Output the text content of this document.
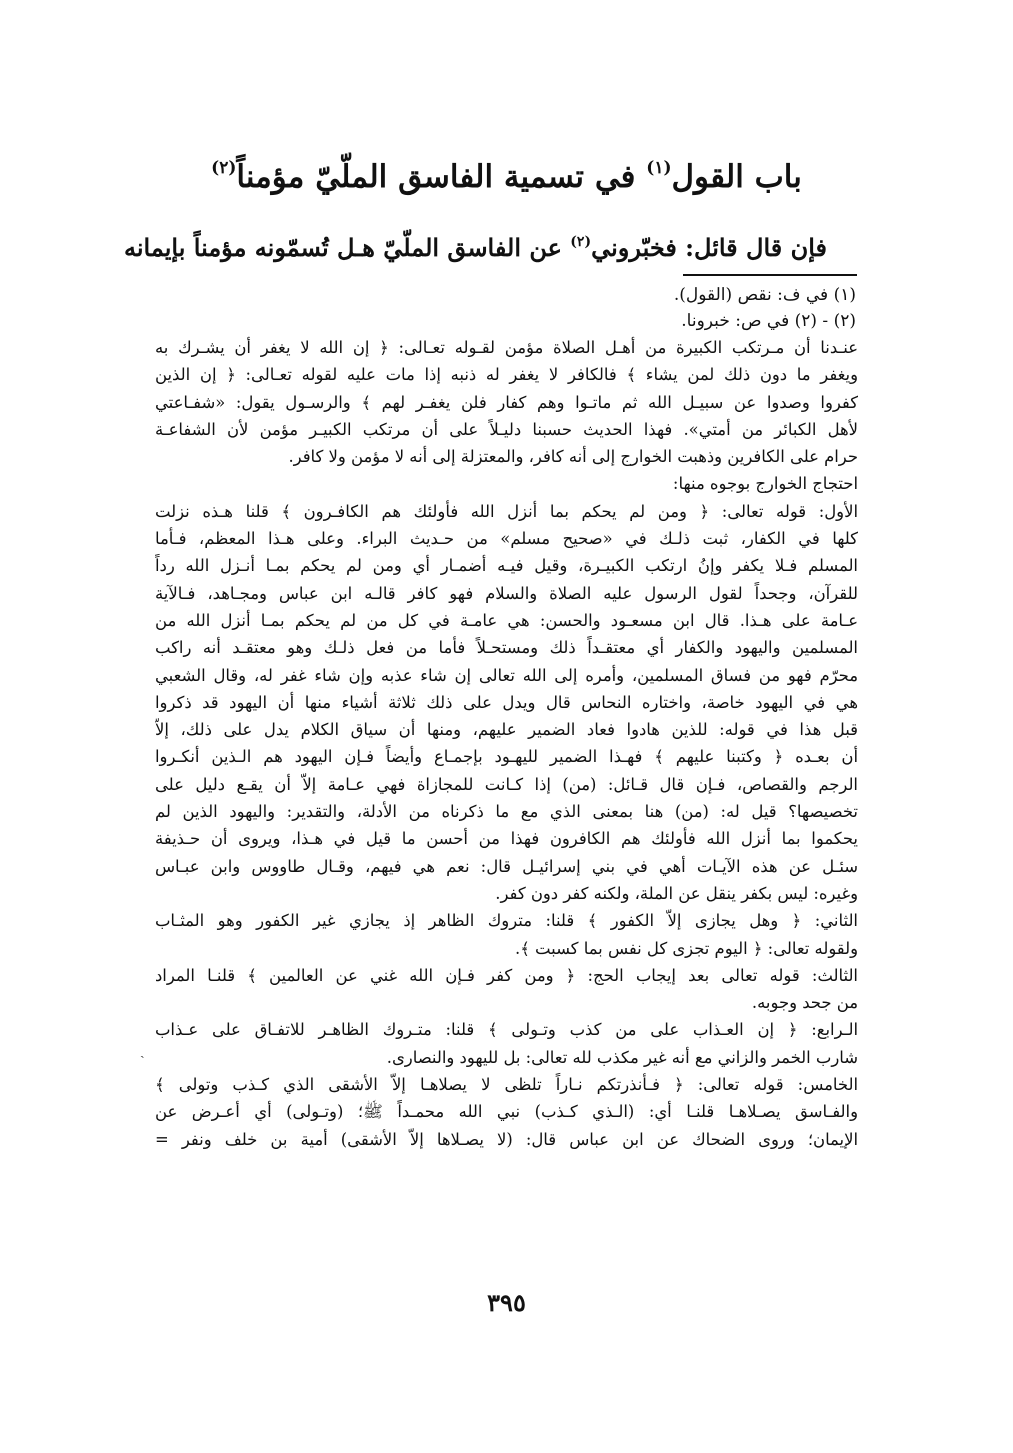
باب القول$^{(١)}$ في تسمية الفاسق الملّيّ مؤمناً$^{(٢)}$
فإن قال قائل: فخبّروني$^{(٢)}$ عن الفاسق الملّيّ هـل تُسمّونه مؤمناً بإيمانه

(١) في ف: نقص (القول).

(٢) - (٢) في ص: خبرونا.

عنـدنا أن مـرتكب الكبيرة من أهـل الصلاة مؤمن لقـوله تعـالى: ﴿ إن الله لا يغفر أن يشـرك به
ويغفر ما دون ذلك لمن يشاء ﴾ فالكافر لا يغفر له ذنبه إذا مات عليه لقوله تعـالى: ﴿ إن الذين
كفروا وصدوا عن سبيـل الله ثم ماتـوا وهم كفار فلن يغفـر لهم ﴾ والرسـول يقول: «شفـاعتي
لأهل الكبائر من أمتي». فهذا الحديث حسبنا دليـلاً على أن مرتكب الكبيـر مؤمن لأن الشفاعـة
حرام على الكافرين وذهبت الخوارج إلى أنه كافر، والمعتزلة إلى أنه لا مؤمن ولا كافر.
احتجاج الخوارج بوجوه منها:
الأول: قوله تعالى: ﴿ ومن لم يحكم بما أنزل الله فأولئك هم الكافـرون ﴾ قلنا هـذه نزلت
كلها في الكفار، ثبت ذلـك في «صحيح مسلم» من حـديث البراء. وعلى هـذا المعظم، فـأما
المسلم فـلا يكفر وإنُ ارتكب الكبيـرة، وقيل فيـه أضمـار أي ومن لم يحكم بمـا أنـزل الله رداً
للقرآن، وجحداً لقول الرسول عليه الصلاة والسلام فهو كافر قالـه ابن عباس ومجـاهد، فـالآية
عـامة على هـذا. قال ابن مسعـود والحسن: هي عامـة في كل من لم يحكم بمـا أنزل الله من
المسلمين واليهود والكفار أي معتقـداً ذلك ومستحـلاً فأما من فعل ذلـك وهو معتقـد أنه راكب
محرّم فهو من فساق المسلمين، وأمره إلى الله تعالى إن شاء عذبه وإن شاء غفر له، وقال الشعبي
هي في اليهود خاصة، واختاره النحاس قال ويدل على ذلك ثلاثة أشياء منها أن اليهود قد ذكروا
قبل هذا في قوله: للذين هادوا فعاد الضمير عليهم، ومنها أن سياق الكلام يدل على ذلك، إلاّ
أن بعـده ﴿ وكتبنا عليهم ﴾ فهـذا الضمير لليهـود بإجمـاع وأيضاً فـإن اليهود هم الـذين أنكـروا
الرجم والقصاص، فـإن قال قـائل: (من) إذا كـانت للمجازاة فهي عـامة إلاّ أن يقـع دليل على
تخصيصها؟ قيل له: (من) هنا بمعنى الذي مع ما ذكرناه من الأدلة، والتقدير: واليهود الذين لم
يحكموا بما أنزل الله فأولئك هم الكافرون فهذا من أحسن ما قيل في هـذا، ويروى أن حـذيفة
سئـل عن هذه الآيـات أهي في بني إسرائيـل قال: نعم هي فيهم، وقـال طاووس وابن عبـاس
وغيره: ليس بكفر ينقل عن الملة، ولكنه كفر دون كفر.
الثاني: ﴿ وهل يجازى إلاّ الكفور ﴾ قلنا: متروك الظاهر إذ يجازي غير الكفور وهو المثـاب
ولقوله تعالى: ﴿ اليوم تجزى كل نفس بما كسبت ﴾.
الثالث: قوله تعالى بعد إيجاب الحج: ﴿ ومن كفر فـإن الله غني عن العالمين ﴾ قلنـا المراد
من جحد وجوبه.
الـرابع: ﴿ إن العـذاب على من كذب وتـولى ﴾ قلنا: متـروك الظاهـر للاتفـاق على عـذاب
شارب الخمر والزاني مع أنه غير مكذب لله تعالى: بل لليهود والنصارى.
الخامس: قوله تعالى: ﴿ فـأنذرتكم نـاراً تلظى لا يصلاهـا إلاّ الأشقى الذي كـذب وتولى ﴾
والفـاسق يصـلاهـا قلنـا أي: (الـذي كـذب) نبي الله محمـداً ﷺ؛ (وتـولى) أي أعـرض عن
الإيمان؛ وروى الضحاك عن ابن عباس قال: (لا يصـلاها إلاّ الأشقى) أمية بن خلف ونفر =
ˏ
٣٩٥
